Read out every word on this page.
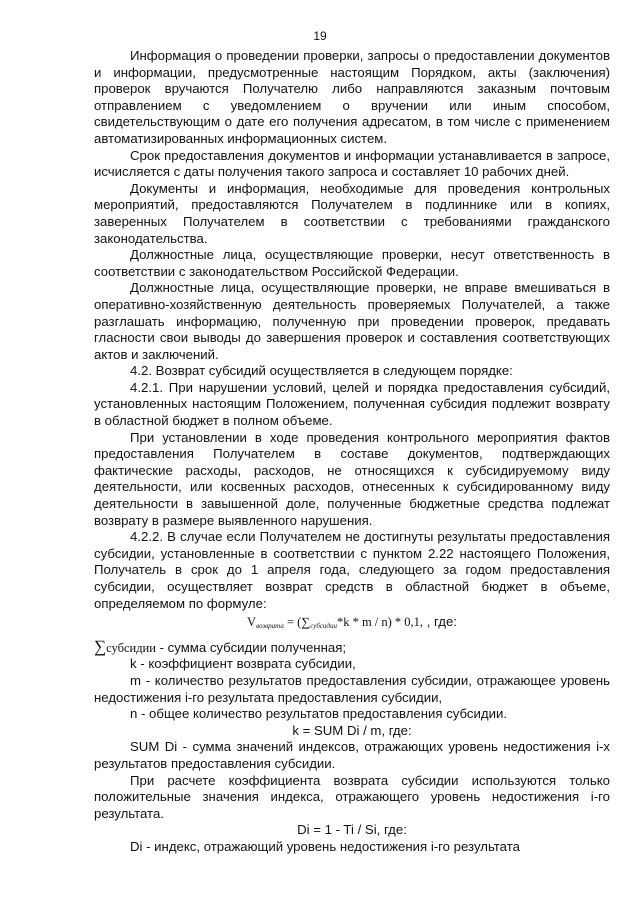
19

Информация о проведении проверки, запросы о предоставлении документов и информации, предусмотренные настоящим Порядком, акты (заключения) проверок вручаются Получателю либо направляются заказным почтовым отправлением с уведомлением о вручении или иным способом, свидетельствующим о дате его получения адресатом, в том числе с применением автоматизированных информационных систем.

Срок предоставления документов и информации устанавливается в запросе, исчисляется с даты получения такого запроса и составляет 10 рабочих дней.

Документы и информация, необходимые для проведения контрольных мероприятий, предоставляются Получателем в подлиннике или в копиях, заверенных Получателем в соответствии с требованиями гражданского законодательства.

Должностные лица, осуществляющие проверки, несут ответственность в соответствии с законодательством Российской Федерации.

Должностные лица, осуществляющие проверки, не вправе вмешиваться в оперативно-хозяйственную деятельность проверяемых Получателей, а также разглашать информацию, полученную при проведении проверок, предавать гласности свои выводы до завершения проверок и составления соответствующих актов и заключений.

4.2. Возврат субсидий осуществляется в следующем порядке:

4.2.1. При нарушении условий, целей и порядка предоставления субсидий, установленных настоящим Положением, полученная субсидия подлежит возврату в областной бюджет в полном объеме.

При установлении в ходе проведения контрольного мероприятия фактов предоставления Получателем в составе документов, подтверждающих фактические расходы, расходов, не относящихся к субсидируемому виду деятельности, или косвенных расходов, отнесенных к субсидированному виду деятельности в завышенной доле, полученные бюджетные средства подлежат возврату в размере выявленного нарушения.

4.2.2. В случае если Получателем не достигнуты результаты предоставления субсидии, установленные в соответствии с пунктом 2.22 настоящего Положения, Получатель в срок до 1 апреля года, следующего за годом предоставления субсидии, осуществляет возврат средств в областной бюджет в объеме, определяемом по формуле:

$V_{возврата} = (\sum_{субсидии}*k * m / n) * 0,1$, , где:

∑субсидии - сумма субсидии полученная;

k - коэффициент возврата субсидии,

m - количество результатов предоставления субсидии, отражающее уровень недостижения i-го результата предоставления субсидии,

n - общее количество результатов предоставления субсидии.

k = SUM Di / m, где:

SUM Di - сумма значений индексов, отражающих уровень недостижения i-х результатов предоставления субсидии.

При расчете коэффициента возврата субсидии используются только положительные значения индекса, отражающего уровень недостижения i-го результата.

Di = 1 - Ti / Si, где:

Di - индекс, отражающий уровень недостижения i-го результата
